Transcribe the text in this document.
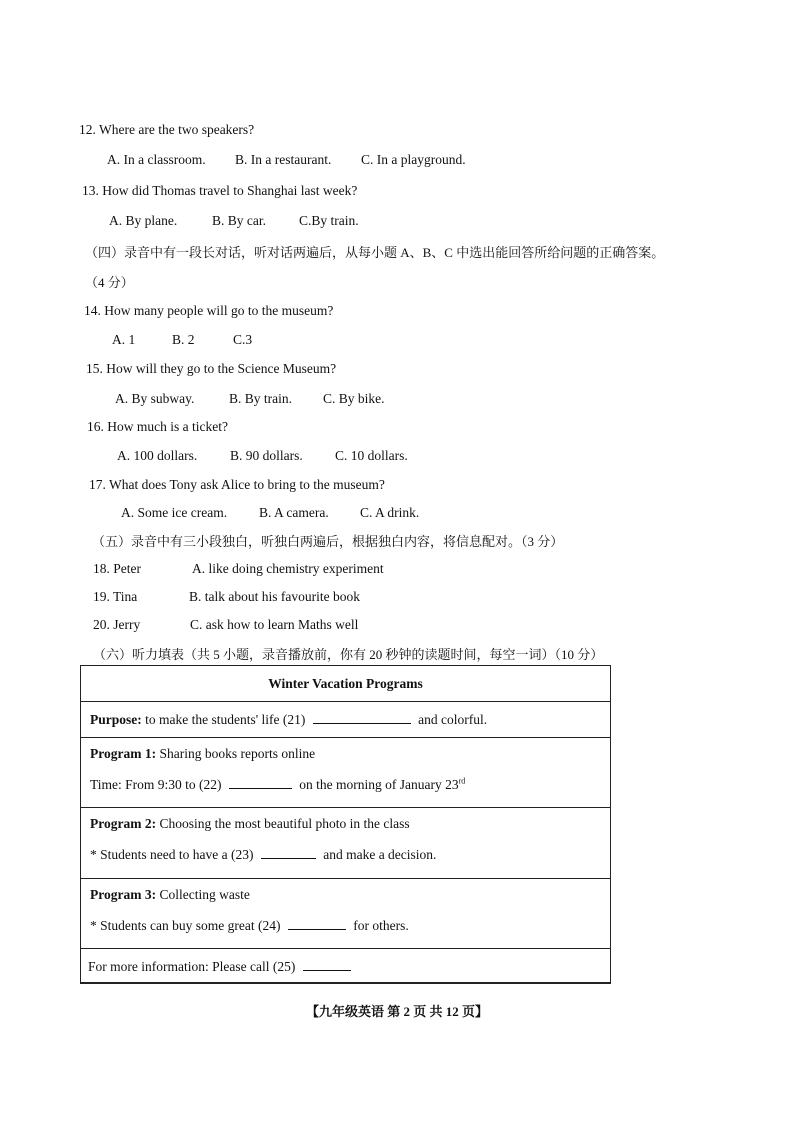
12. Where are the two speakers?
A. In a classroom. B. In a restaurant. C. In a playground.
13. How did Thomas travel to Shanghai last week?
A. By plane.	B. By car. C.By train.
（四）录音中有一段长对话，听对话两遍后，从每小题 A、B、C 中选出能回答所给问题的正确答案。
（4 分）
14. How many people will go to the museum?
A. 1	B. 2	C.3
15. How will they go to the Science Museum?
A. By subway.	B. By train. C. By bike.
16. How much is a ticket?
A. 100 dollars. B. 90 dollars. C. 10 dollars.
17. What does Tony ask Alice to bring to the museum?
A. Some ice cream. B. A camera. C. A drink.
（五）录音中有三小段独白，听独白两遍后，根据独白内容，将信息配对。（3 分）
18. Peter	A. like doing chemistry experiment
19. Tina	B. talk about his favourite book
20. Jerry	C. ask how to learn Maths well
（六）听力填表（共 5 小题，录音播放前，你有 20 秒钟的读题时间，每空一词）（10 分）
Winter Vacation Programs
Purpose: to make the students' life (21)	and colorful.
Program 1: Sharing books reports online
Time: From 9:30 to (22)	on the morning of January 23rd
Program 2: Choosing the most beautiful photo in the class
* Students need to have a (23)	and make a decision.
Program 3: Collecting waste
* Students can buy some great (24)	for others.
For more information: Please call (25)
【九年级英语 第 2 页 共 12 页】
